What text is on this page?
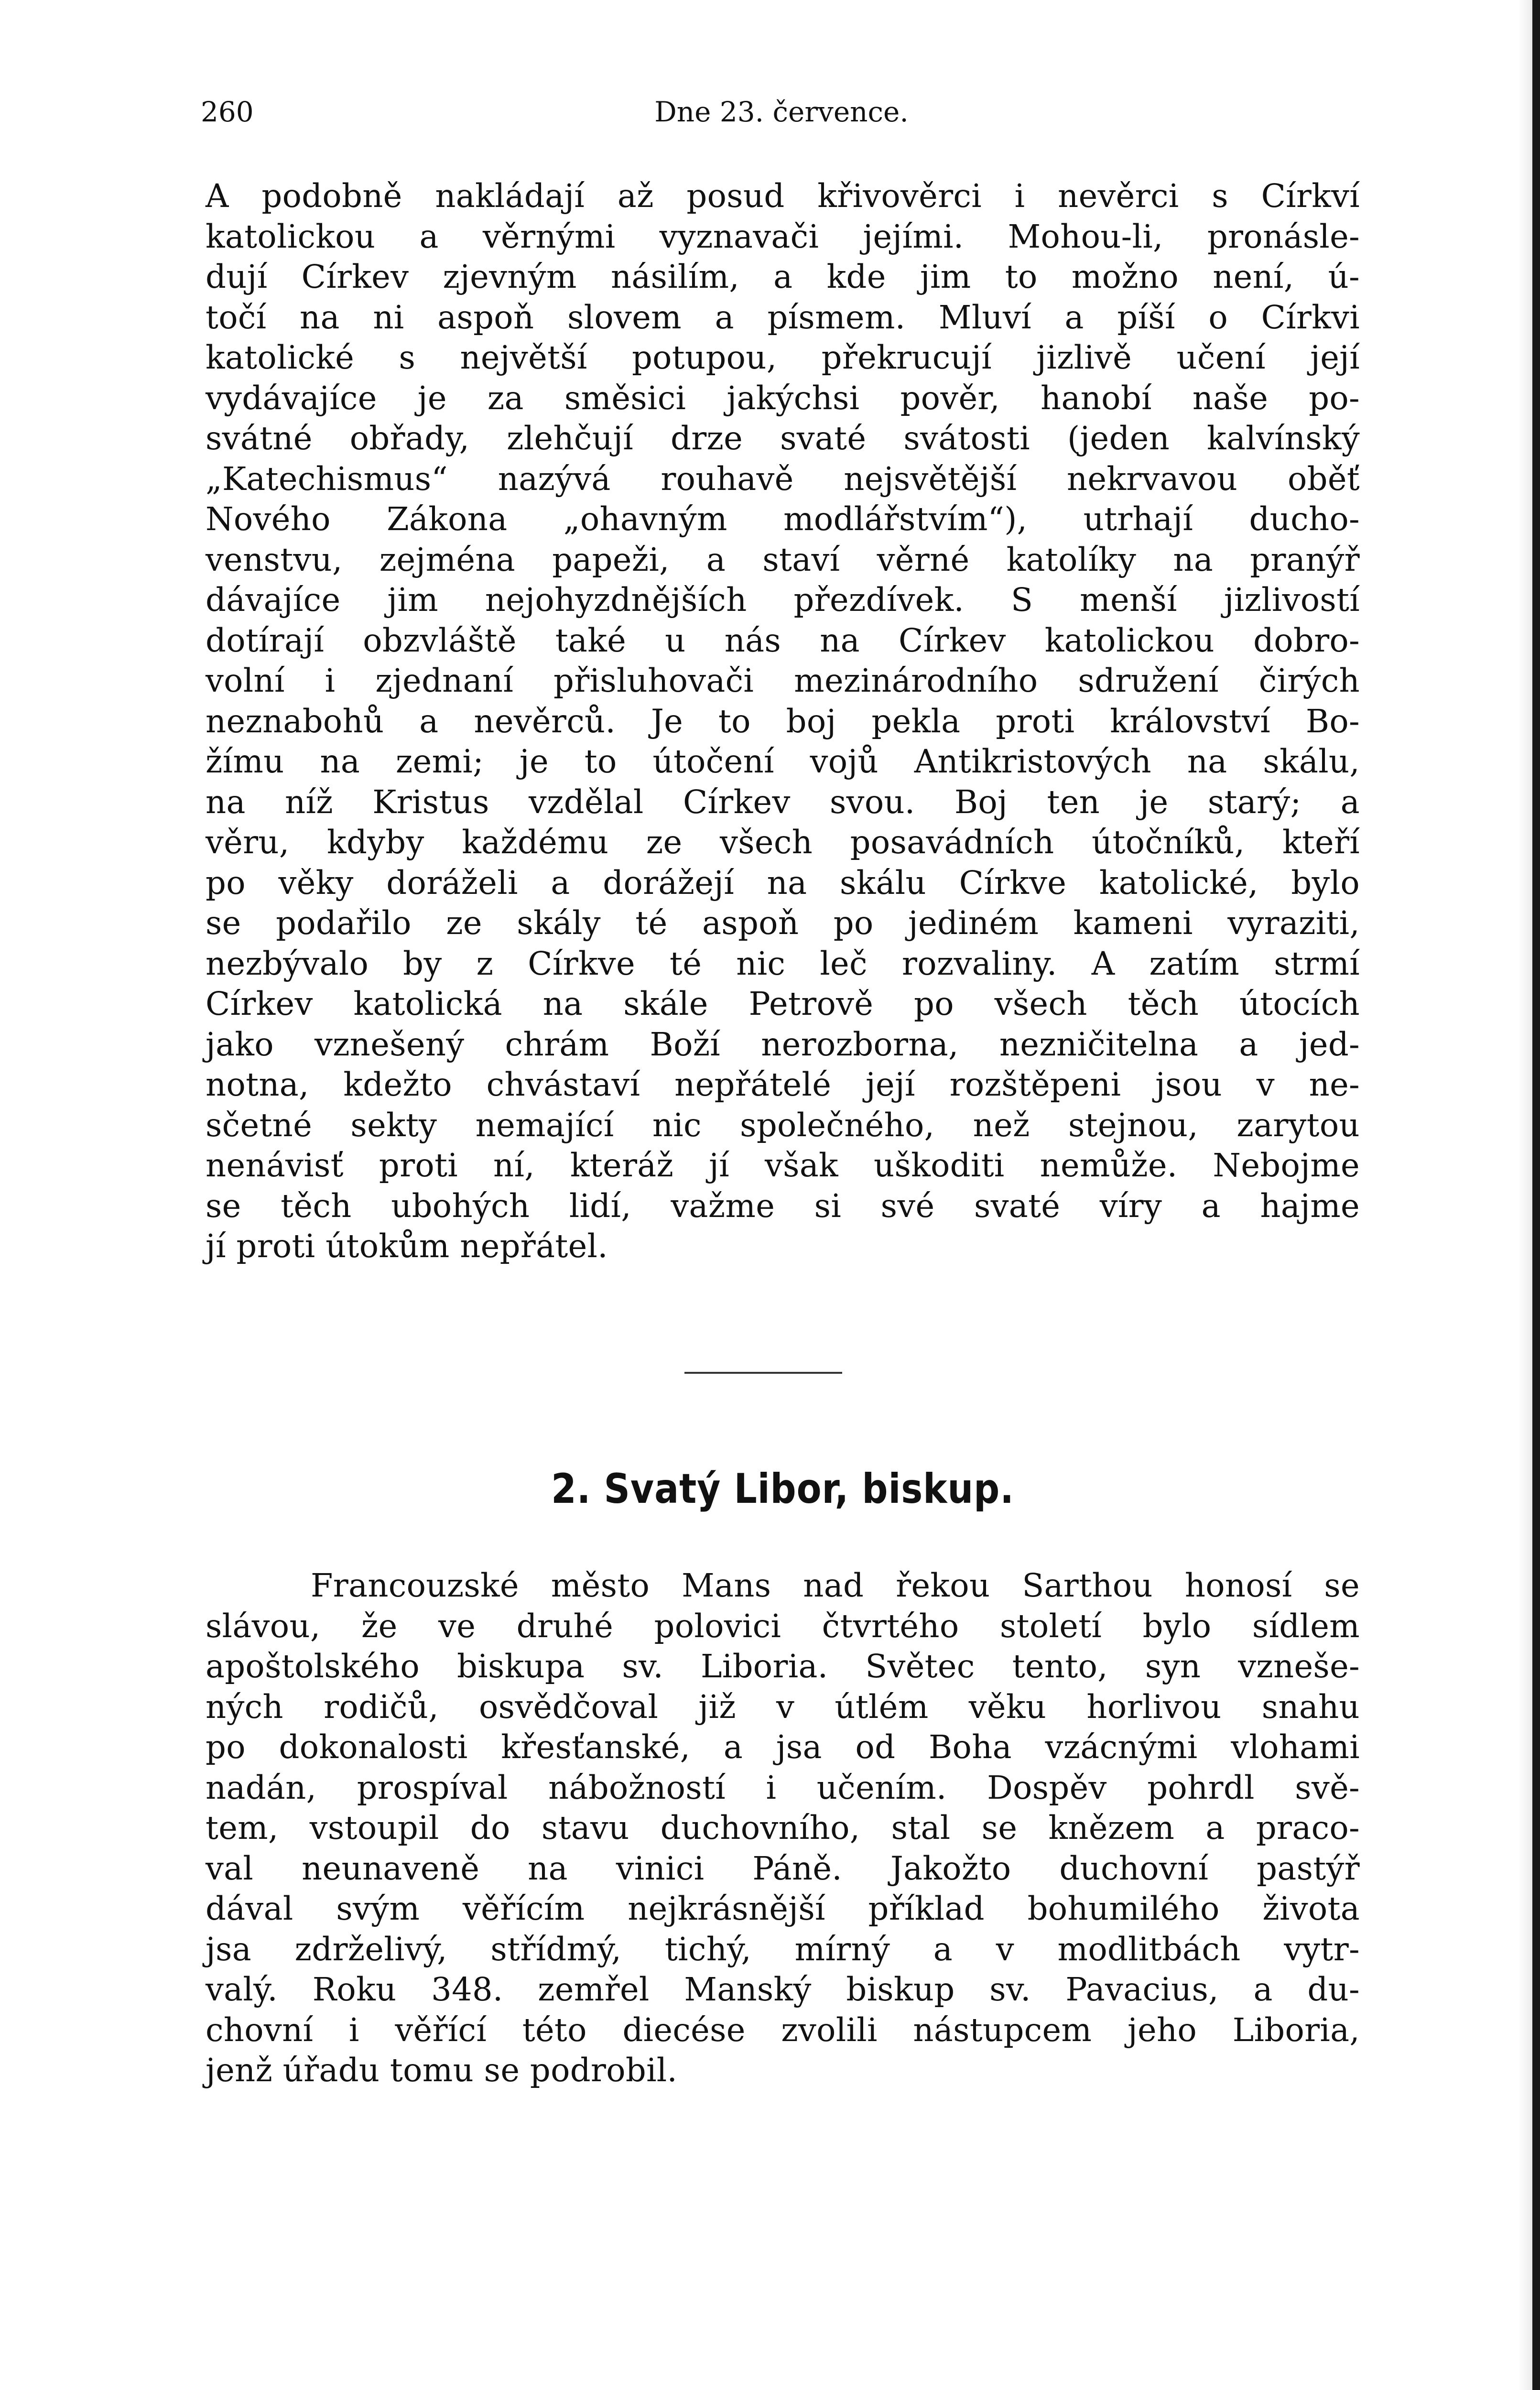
260	Dne 23. července.
A podobně nakládají až posud křivověrci i nevěrci s Církví
katolickou a věrnými vyznavači jejími. Mohou-li, pronásle-
dují Církev zjevným násilím, a kde jim to možno není, ú-
točí na ni aspoň slovem a písmem. Mluví a píší o Církvi
katolické s největší potupou, překrucují jizlivě učení její
vydávajíce je za směsici jakýchsi pověr, hanobí naše po-
svátné obřady, zlehčují drze svaté svátosti (jeden kalvínský
„Katechismus“ nazývá rouhavě nejsvětější nekrvavou oběť
Nového Zákona „ohavným modlářstvím“), utrhají ducho-
venstvu, zejména papeži, a staví věrné katolíky na pranýř
dávajíce jim nejohyzdnějších přezdívek. S menší jizlivostí
dotírají obzvláště také u nás na Církev katolickou dobro-
volní i zjednaní přisluhovači mezinárodního sdružení čirých
neznabohů a nevěrců. Je to boj pekla proti království Bo-
žímu na zemi; je to útočení vojů Antikristových na skálu,
na níž Kristus vzdělal Církev svou. Boj ten je starý; a
věru, kdyby každému ze všech posavádních útočníků, kteří
po věky doráželi a dorážejí na skálu Církve katolické, bylo
se podařilo ze skály té aspoň po jediném kameni vyraziti,
nezbývalo by z Církve té nic leč rozvaliny. A zatím strmí
Církev katolická na skále Petrově po všech těch útocích
jako vznešený chrám Boží nerozborna, nezničitelna a jed-
notna, kdežto chvástaví nepřátelé její rozštěpeni jsou v ne-
sčetné sekty nemající nic společného, než stejnou, zarytou
nenávisť proti ní, kteráž jí však uškoditi nemůže. Nebojme
se těch ubohých lidí, važme si své svaté víry a hajme
jí proti útokům nepřátel.
2. Svatý Libor, biskup.
Francouzské město Mans nad řekou Sarthou honosí se
slávou, že ve druhé polovici čtvrtého století bylo sídlem
apoštolského biskupa sv. Liboria. Světec tento, syn vzneše-
ných rodičů, osvědčoval již v útlém věku horlivou snahu
po dokonalosti křesťanské, a jsa od Boha vzácnými vlohami
nadán, prospíval nábožností i učením. Dospěv pohrdl svě-
tem, vstoupil do stavu duchovního, stal se knězem a praco-
val neunaveně na vinici Páně. Jakožto duchovní pastýř
dával svým věřícím nejkrásnější příklad bohumilého života
jsa zdrželivý, střídmý, tichý, mírný a v modlitbách vytr-
valý. Roku 348. zemřel Manský biskup sv. Pavacius, a du-
chovní i věřící této diecése zvolili nástupcem jeho Liboria,
jenž úřadu tomu se podrobil.
